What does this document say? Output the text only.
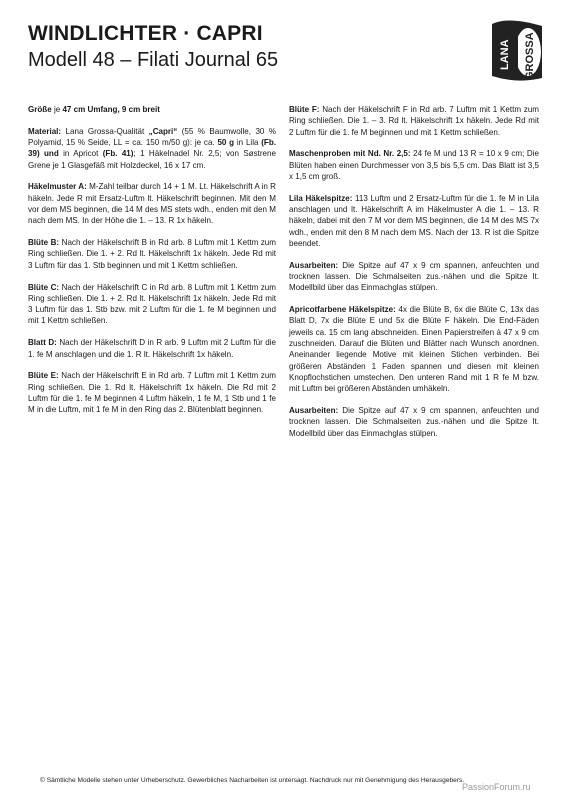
WINDLICHTER · CAPRI
Modell 48 – Filati Journal 65	LANA GROSSA

Größe je 47 cm Umfang, 9 cm breit

Material: Lana Grossa-Qualität „Capri“ (55 % Baumwolle, 30 % Polyamid, 15 % Seide, LL = ca. 150 m/50 g): je ca. 50 g in Lila (Fb. 39) und in Apricot (Fb. 41); 1 Häkelnadel Nr. 2,5; von Søstrene Grene je 1 Glasgefäß mit Holzdeckel, 16 x 17 cm.

Häkelmuster A: M-Zahl teilbar durch 14 + 1 M. Lt. Häkelschrift A in R häkeln. Jede R mit Ersatz-Luftm lt. Häkelschrift beginnen. Mit den M vor dem MS beginnen, die 14 M des MS stets wdh., enden mit den M nach dem MS. In der Höhe die 1. – 13. R 1x häkeln.

Blüte B: Nach der Häkelschrift B in Rd arb. 8 Luftm mit 1 Kettm zum Ring schließen. Die 1. + 2. Rd lt. Häkelschrift 1x häkeln. Jede Rd mit 3 Luftm für das 1. Stb beginnen und mit 1 Kettm schließen.

Blüte C: Nach der Häkelschrift C in Rd arb. 8 Luftm mit 1 Kettm zum Ring schließen. Die 1. + 2. Rd lt. Häkelschrift 1x häkeln. Jede Rd mit 3 Luftm für das 1. Stb bzw. mit 2 Luftm für die 1. fe M beginnen und mit 1 Kettm schließen.

Blatt D: Nach der Häkelschrift D in R arb. 9 Luftm mit 2 Luftm für die 1. fe M anschlagen und die 1. R lt. Häkelschrift 1x häkeln.

Blüte E: Nach der Häkelschrift E in Rd arb. 7 Luftm mit 1 Kettm zum Ring schließen. Die 1. Rd lt. Häkelschrift 1x häkeln. Die Rd mit 2 Luftm für die 1. fe M beginnen 4 Luftm häkeln, 1 fe M, 1 Stb und 1 fe M in die Luftm, mit 1 fe M in den Ring das 2. Blütenblatt beginnen.

Blüte F: Nach der Häkelschrift F in Rd arb. 7 Luftm mit 1 Kettm zum Ring schließen. Die 1. – 3. Rd lt. Häkelschrift 1x häkeln. Jede Rd mit 2 Luftm für die 1. fe M beginnen und mit 1 Kettm schließen.

Maschenproben mit Nd. Nr. 2,5: 24 fe M und 13 R = 10 x 9 cm; Die Blüten haben einen Durchmesser von 3,5 bis 5,5 cm. Das Blatt ist 3,5 x 1,5 cm groß.

Lila Häkelspitze: 113 Luftm und 2 Ersatz-Luftm für die 1. fe M in Lila anschlagen und lt. Häkelschrift A im Häkelmuster A die 1. – 13. R häkeln, dabei mit den 7 M vor dem MS beginnen, die 14 M des MS 7x wdh., enden mit den 8 M nach dem MS. Nach der 13. R ist die Spitze beendet.

Ausarbeiten: Die Spitze auf 47 x 9 cm spannen, anfeuchten und trocknen lassen. Die Schmalseiten zus.-nähen und die Spitze lt. Modellbild über das Einmachglas stülpen.

Apricotfarbene Häkelspitze: 4x die Blüte B, 6x die Blüte C, 13x das Blatt D, 7x die Blüte E und 5x die Blüte F häkeln. Die End-Fäden jeweils ca. 15 cm lang abschneiden. Einen Papierstreifen à 47 x 9 cm zuschneiden. Darauf die Blüten und Blätter nach Wunsch anordnen. Aneinander liegende Motive mit kleinen Stichen verbinden. Bei größeren Abständen 1 Faden spannen und diesen mit kleinen Knopflochstichen umstechen. Den unteren Rand mit 1 R fe M bzw. mit Luftm bei größeren Abständen umhäkeln.

Ausarbeiten: Die Spitze auf 47 x 9 cm spannen, anfeuchten und trocknen lassen. Die Schmalseiten zus.-nähen und die Spitze lt. Modellbild über das Einmachglas stülpen.

© Sämtliche Modelle stehen unter Urheberschutz. Gewerbliches Nacharbeiten ist untersagt. Nachdruck nur mit Genehmigung des Herausgebers.
PassionForum.ru
